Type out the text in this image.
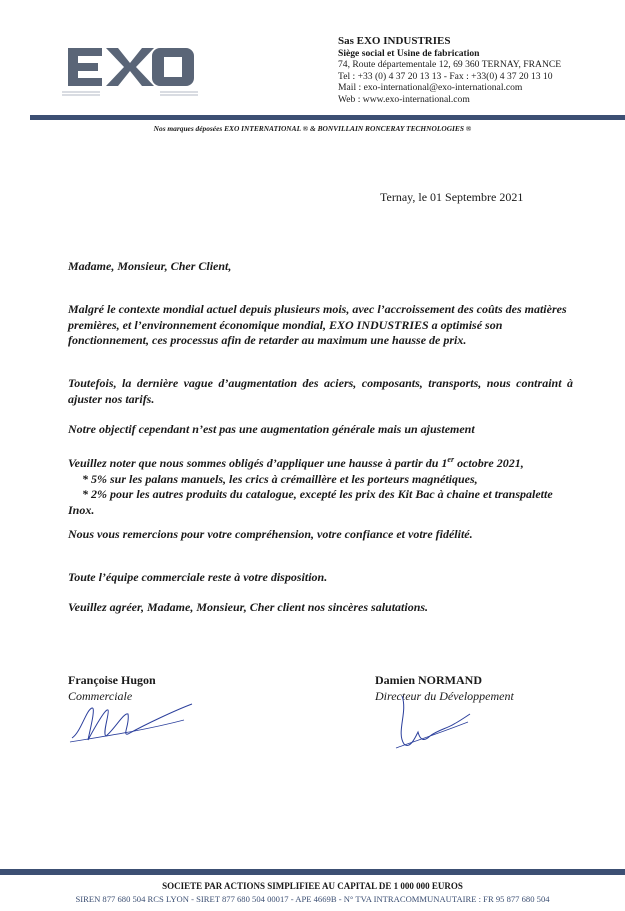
Sas EXO INDUSTRIES
Siège social et Usine de fabrication
74, Route départementale 12, 69 360 TERNAY, FRANCE
Tel : +33 (0) 4 37 20 13 13 - Fax : +33(0) 4 37 20 13 10
Mail : exo-international@exo-international.com
Web : www.exo-international.com
Nos marques déposées EXO INTERNATIONAL ® & BONVILLAIN RONCERAY TECHNOLOGIES ®
Ternay, le 01 Septembre 2021
Madame, Monsieur, Cher Client,
Malgré le contexte mondial actuel depuis plusieurs mois, avec l’accroissement des coûts des matières premières, et l’environnement économique mondial, EXO INDUSTRIES a optimisé son fonctionnement, ces processus afin de retarder au maximum une hausse de prix.
Toutefois, la dernière vague d’augmentation des aciers, composants, transports, nous contraint à ajuster nos tarifs.
Notre objectif cependant n’est pas une augmentation générale mais un ajustement
Veuillez noter que nous sommes obligés d’appliquer une hausse à partir du 1er octobre 2021,
* 5% sur les palans manuels, les crics à crémaillère et les porteurs magnétiques,
* 2% pour les autres produits du catalogue, excepté les prix des Kit Bac à chaine et transpalette Inox.
Nous vous remercions pour votre compréhension, votre confiance et votre fidélité.
Toute l’équipe commerciale reste à votre disposition.
Veuillez agréer, Madame, Monsieur, Cher client nos sincères salutations.
Françoise Hugon
Commerciale
Damien NORMAND
Directeur du Développement
SOCIETE PAR ACTIONS SIMPLIFIEE AU CAPITAL DE 1 000 000 EUROS
SIREN 877 680 504 RCS LYON - SIRET 877 680 504 00017 - APE 4669B - N° TVA INTRACOMMUNAUTAIRE : FR 95 877 680 504
